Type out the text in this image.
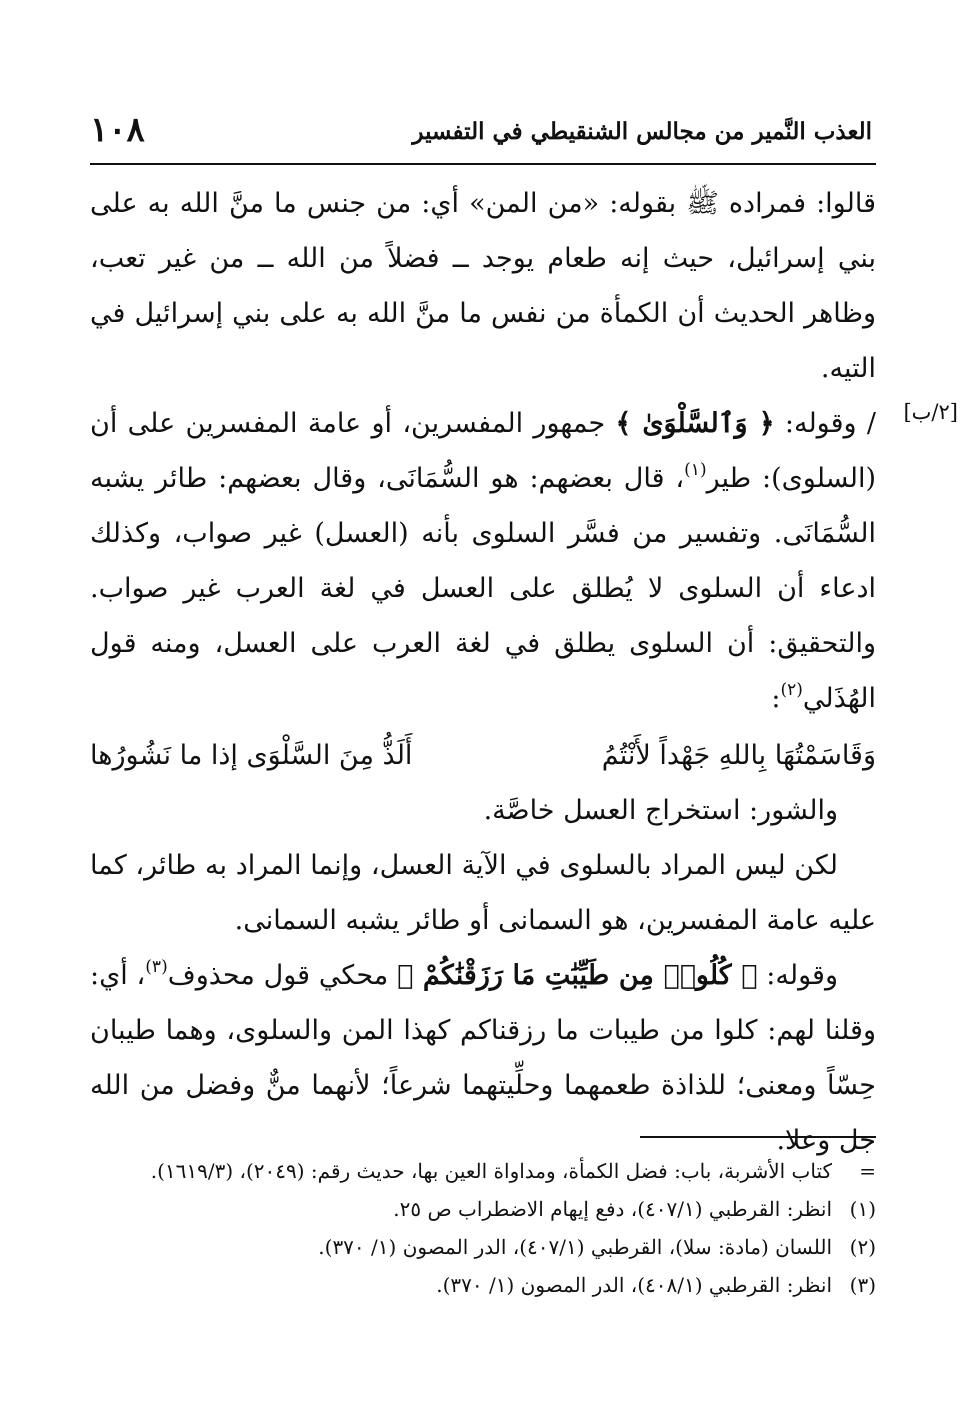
العذب النَّمير من مجالس الشنقيطي في التفسير
١٠٨
[٢/ب]

قالوا: فمراده ﷺ بقوله: «من المن» أي: من جنس ما منَّ الله به على بني إسرائيل، حيث إنه طعام يوجد ــ فضلاً من الله ــ من غير تعب، وظاهر الحديث أن الكمأة من نفس ما منَّ الله به على بني إسرائيل في التيه.

/ وقوله: ﴿ وَٱلسَّلْوَىٰ ﴾ جمهور المفسرين، أو عامة المفسرين على أن (السلوى): طير$^{(١)}$، قال بعضهم: هو السُّمَانَى، وقال بعضهم: طائر يشبه السُّمَانَى. وتفسير من فسَّر السلوى بأنه (العسل) غير صواب، وكذلك ادعاء أن السلوى لا يُطلق على العسل في لغة العرب غير صواب. والتحقيق: أن السلوى يطلق في لغة العرب على العسل، ومنه قول الهُذَلي$^{(٢)}$:

وَقَاسَمْتُهَا بِاللهِ جَهْداً لأَنْتُمُ
أَلَذُّ مِنَ السَّلْوَى إذا ما نَشُورُها

والشور: استخراج العسل خاصَّة.

لكن ليس المراد بالسلوى في الآية العسل، وإنما المراد به طائر، كما عليه عامة المفسرين، هو السمانى أو طائر يشبه السمانى.

وقوله: ﴿ كُلُوا۟ مِن طَيِّبَٰتِ مَا رَزَقْنَٰكُمْ ﴾ محكي قول محذوف$^{(٣)}$، أي: وقلنا لهم: كلوا من طيبات ما رزقناكم كهذا المن والسلوى، وهما طيبان حِسّاً ومعنى؛ للذاذة طعمهما وحلِّيتهما شرعاً؛ لأنهما منٌّ وفضل من الله جل وعلا.

=
كتاب الأشربة، باب: فضل الكمأة، ومداواة العين بها، حديث رقم: (٢٠٤٩)، (١٦١٩/٣).

(١)
انظر: القرطبي (٤٠٧/١)، دفع إيهام الاضطراب ص ٢٥.

(٢)
اللسان (مادة: سلا)، القرطبي (٤٠٧/١)، الدر المصون (١/ ٣٧٠).

(٣)
انظر: القرطبي (٤٠٨/١)، الدر المصون (١/ ٣٧٠).
